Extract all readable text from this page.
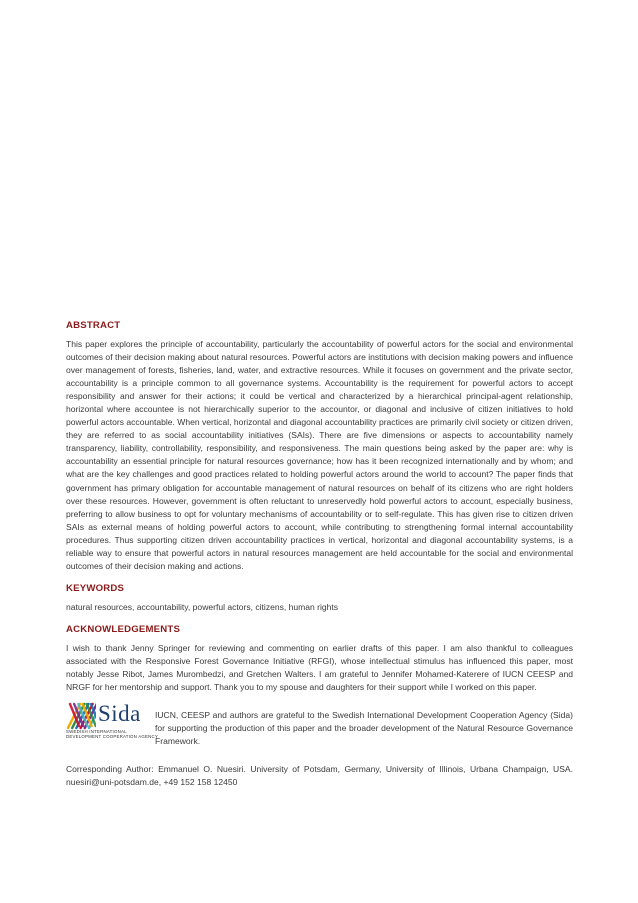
ABSTRACT

This paper explores the principle of accountability, particularly the accountability of powerful actors for the social and environmental outcomes of their decision making about natural resources. Powerful actors are institutions with decision making powers and influence over management of forests, fisheries, land, water, and extractive resources. While it focuses on government and the private sector, accountability is a principle common to all governance systems. Accountability is the requirement for powerful actors to accept responsibility and answer for their actions; it could be vertical and characterized by a hierarchical principal-agent relationship, horizontal where accountee is not hierarchically superior to the accountor, or diagonal and inclusive of citizen initiatives to hold powerful actors accountable. When vertical, horizontal and diagonal accountability practices are primarily civil society or citizen driven, they are referred to as social accountability initiatives (SAIs). There are five dimensions or aspects to accountability namely transparency, liability, controllability, responsibility, and responsiveness. The main questions being asked by the paper are: why is accountability an essential principle for natural resources governance; how has it been recognized internationally and by whom; and what are the key challenges and good practices related to holding powerful actors around the world to account? The paper finds that government has primary obligation for accountable management of natural resources on behalf of its citizens who are right holders over these resources. However, government is often reluctant to unreservedly hold powerful actors to account, especially business, preferring to allow business to opt for voluntary mechanisms of accountability or to self-regulate. This has given rise to citizen driven SAIs as external means of holding powerful actors to account, while contributing to strengthening formal internal accountability procedures. Thus supporting citizen driven accountability practices in vertical, horizontal and diagonal accountability systems, is a reliable way to ensure that powerful actors in natural resources management are held accountable for the social and environmental outcomes of their decision making and actions.

KEYWORDS

natural resources, accountability, powerful actors, citizens, human rights

ACKNOWLEDGEMENTS

I wish to thank Jenny Springer for reviewing and commenting on earlier drafts of this paper. I am also thankful to colleagues associated with the Responsive Forest Governance Initiative (RFGI), whose intellectual stimulus has influenced this paper, most notably Jesse Ribot, James Murombedzi, and Gretchen Walters. I am grateful to Jennifer Mohamed-Katerere of IUCN CEESP and NRGF for her mentorship and support. Thank you to my spouse and daughters for their support while I worked on this paper.

Sida
SWEDISH INTERNATIONAL
DEVELOPMENT COOPERATION AGENCY

IUCN, CEESP and authors are grateful to the Swedish International Development Cooperation Agency (Sida) for supporting the production of this paper and the broader development of the Natural Resource Governance Framework.

Corresponding Author: Emmanuel O. Nuesiri. University of Potsdam, Germany, University of Illinois, Urbana Champaign, USA. nuesiri@uni-potsdam.de, +49 152 158 12450
